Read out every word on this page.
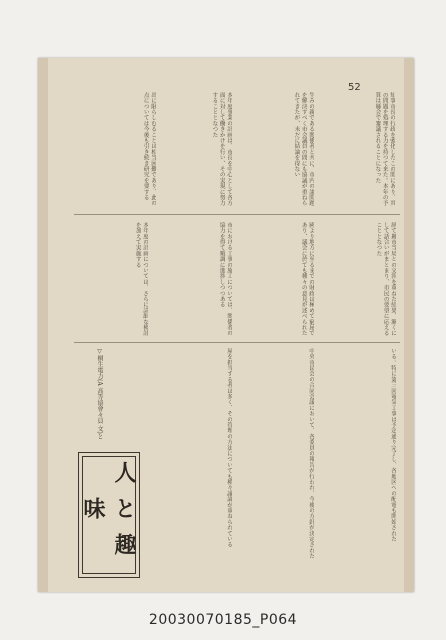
52
知事市長の行政を強化したこの間にあり、其の問題を処理する力を持つて来た。本年の予算は縣会で審議されることになった
生みの親である関係者と共に、市内の諸問題を解決すべく市会議員の間にも協議が重ねられてきたが、未だに結論を得ない
本年度事業の計画は、市長を中心として各方面に対して働きかけを行い、その実現に努力することとなつた
出に限らしむることは相当困難であり、此の点については今後も引き続き研究を要する
経て縣市当局との交渉を重ねた結果、漸くにして話合いがまとまり、市民の要望に応えることとなつた
國より地方に至るまでの財政は極めて窮屈であり、議会に於ても種々の意見が述べられた
市における工事の施工については、関係者の協力を得て順調に進捗しつつある
本年度の計画については、さらに詳細な検討を加えて実施する
いる。特に第三回電気工事は予定通り完了し、各地区への配電も開始された
中央市民会の合同会議において、各委員の報告が行われ、今後の方針が決定された
屋を担当する者は多く、その管理の方法についても種々議論が重ねられている
▽桐生電力(A 高等協會々員 文)と
人と趣味
20030070185_P064
